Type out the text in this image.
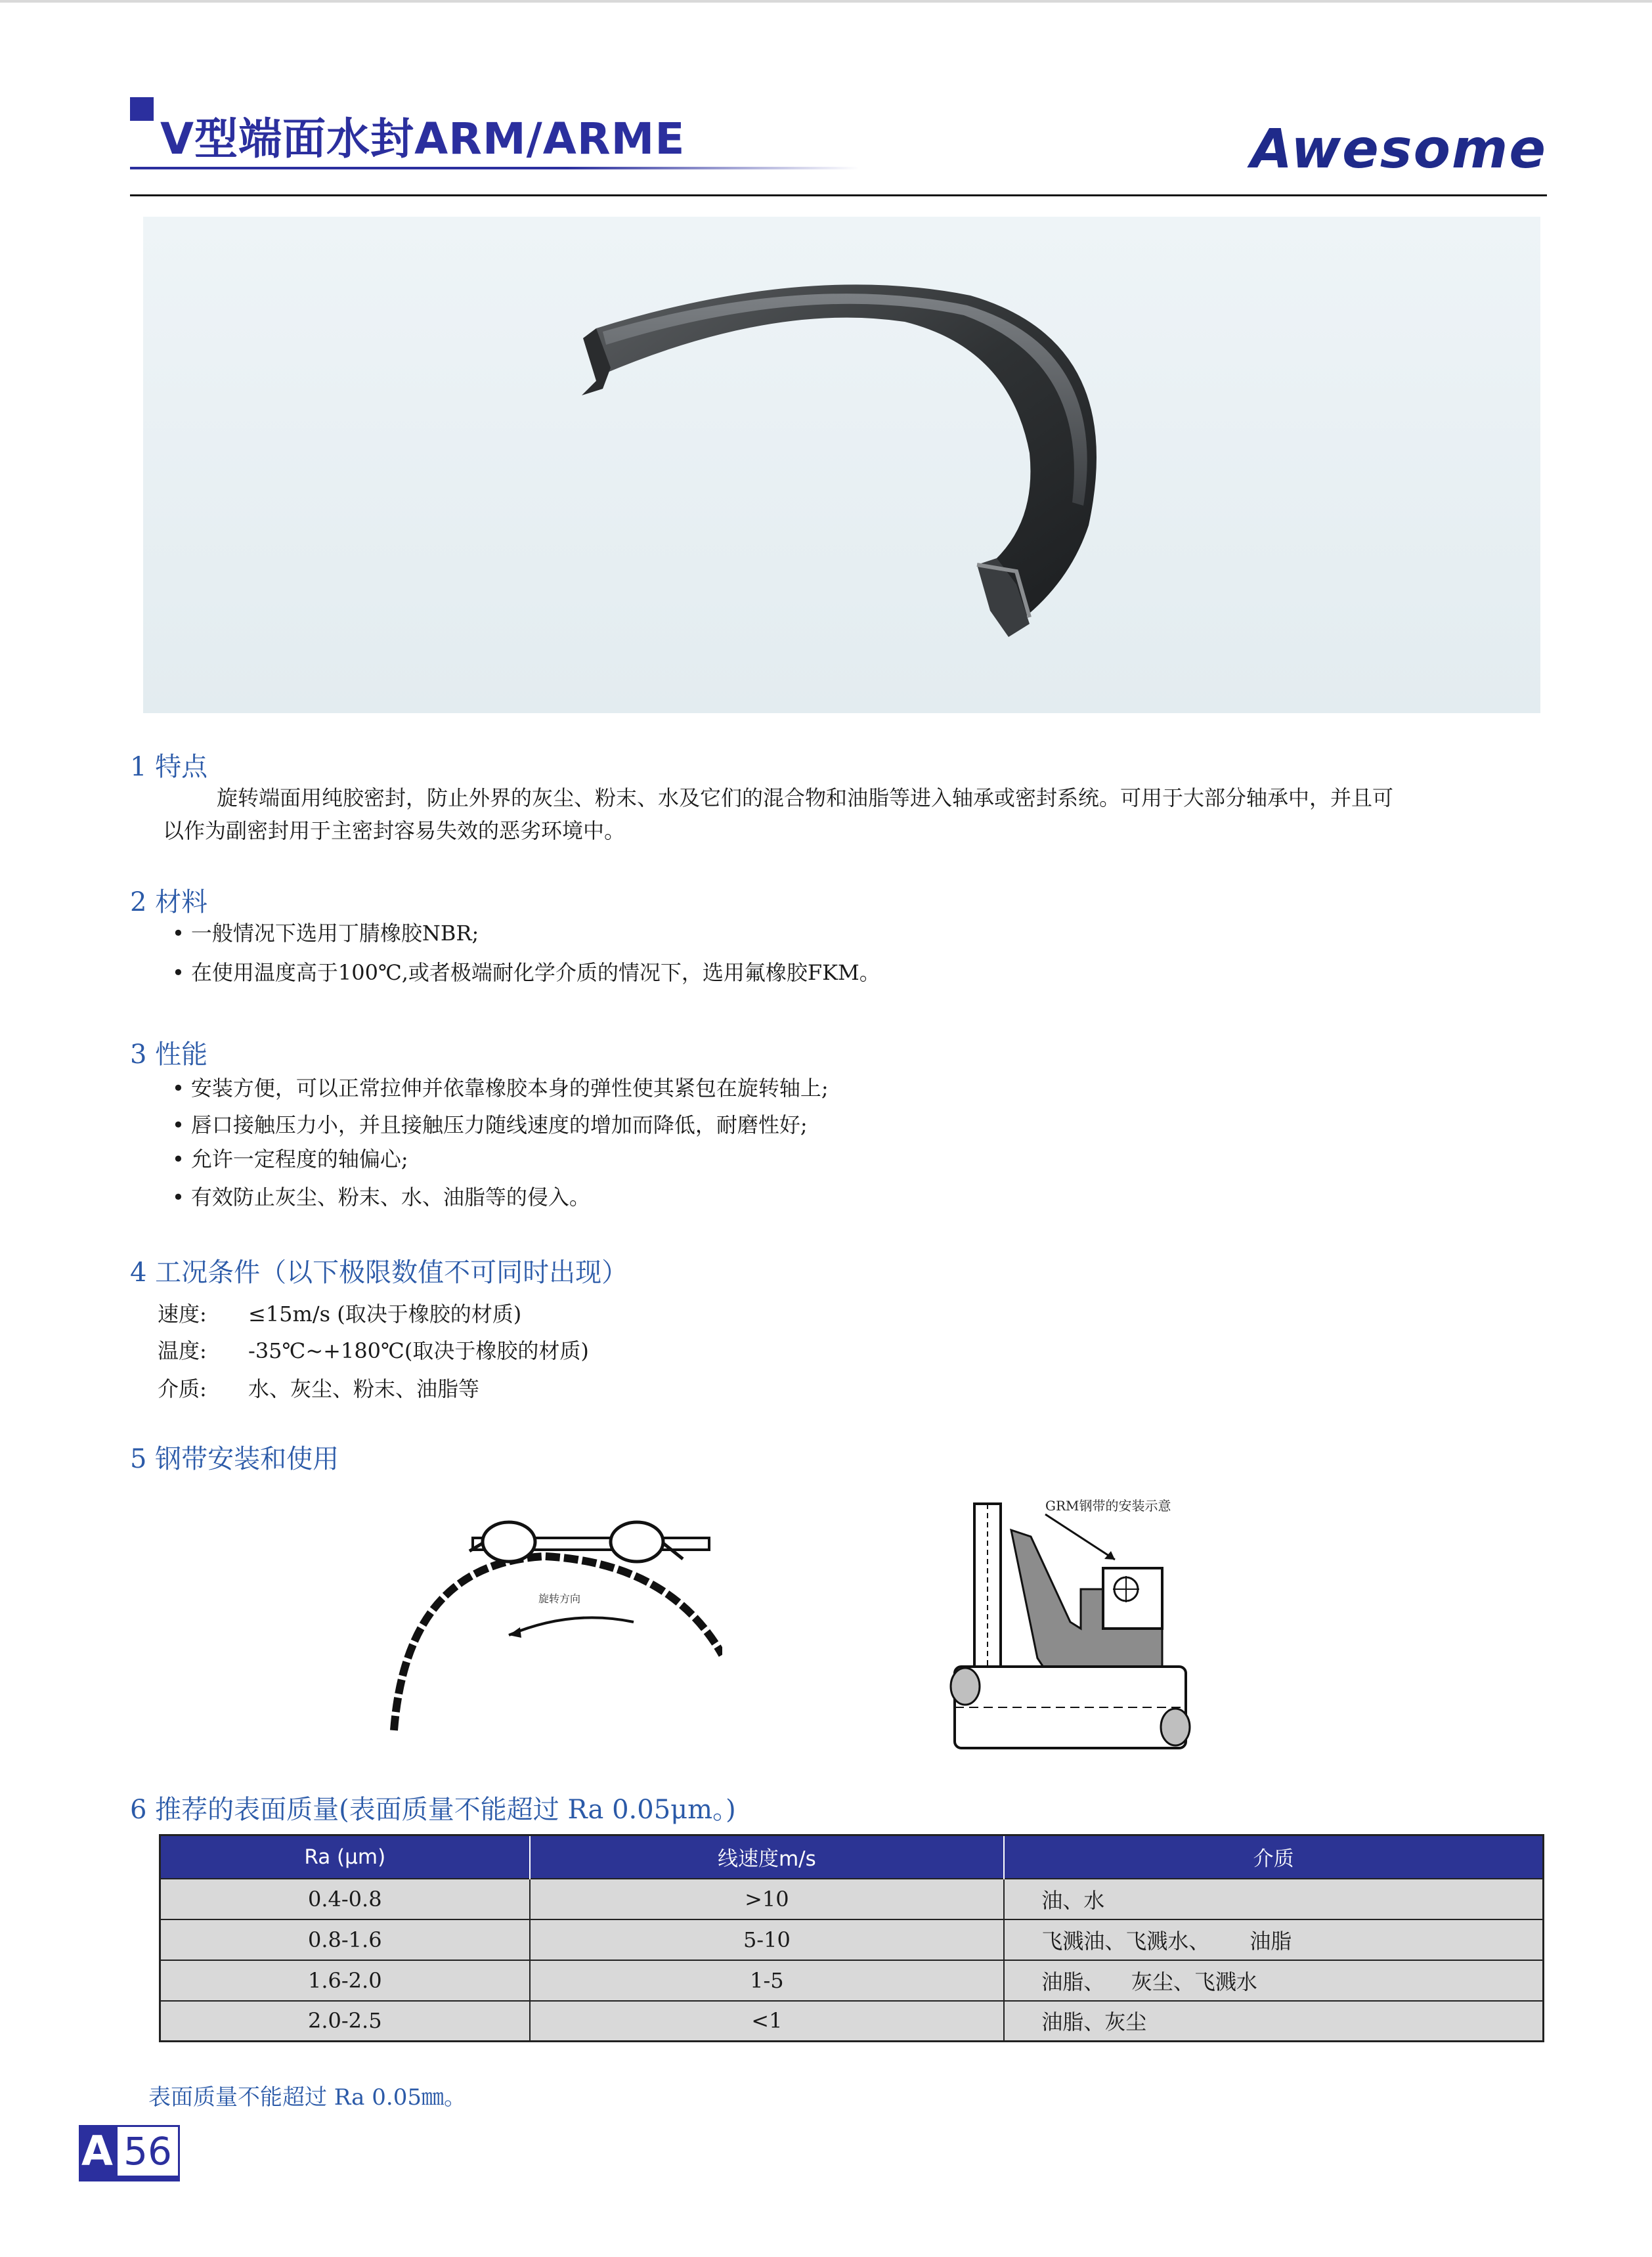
V型端面水封ARM/ARME	Awesome
1 特点
旋转端面用纯胶密封，防止外界的灰尘、粉末、水及它们的混合物和油脂等进入轴承或密封系统。可用于大部分轴承中，并且可
以作为副密封用于主密封容易失效的恶劣环境中。
2 材料
• 一般情况下选用丁腈橡胶NBR;
• 在使用温度高于100℃,或者极端耐化学介质的情况下，选用氟橡胶FKM。
3 性能
• 安装方便，可以正常拉伸并依靠橡胶本身的弹性使其紧包在旋转轴上;
• 唇口接触压力小，并且接触压力随线速度的增加而降低，耐磨性好;
• 允许一定程度的轴偏心;
• 有效防止灰尘、粉末、水、油脂等的侵入。
4 工况条件（以下极限数值不可同时出现）
速度: ≤15m/s (取决于橡胶的材质)
温度: -35℃~+180℃(取决于橡胶的材质)
介质: 水、灰尘、粉末、油脂等
5 钢带安装和使用
旋转方向
GRM钢带的安装示意
6 推荐的表面质量(表面质量不能超过 Ra 0.05μm。)
Ra (μm)	线速度m/s	介质
0.4-0.8	>10	油、水
0.8-1.6	5-10	飞溅油、飞溅水、      油脂
1.6-2.0	1-5	油脂、    灰尘、飞溅水
2.0-2.5	<1	油脂、灰尘
表面质量不能超过 Ra 0.05㎜。
A 56
